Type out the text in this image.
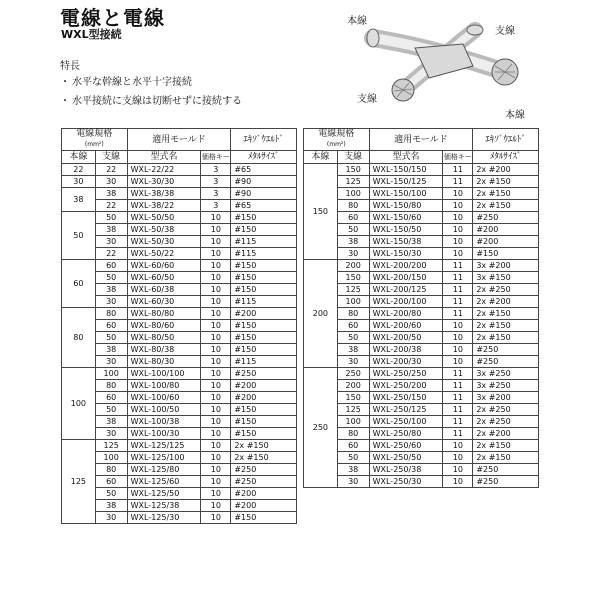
電線と電線
WXL型接続
特長
・ 水平な幹線と水平十字接続
・ 水平接続に支線は切断せずに接続する
本線
支線
支線
本線
電線規格
(mm²)		適用モールド		ｴｷｿﾞｳｴﾙﾄﾞ
本線	支線	型式名	価格キー	ﾒﾀﾙｻｲｽﾞ
22	22	WXL-22/22	3	#65
30	30	WXL-30/30	3	#90
38	38	WXL-38/38	3	#90
	22	WXL-38/22	3	#65
50	50	WXL-50/50	10	#150
	38	WXL-50/38	10	#150
	30	WXL-50/30	10	#115
	22	WXL-50/22	10	#115
60	60	WXL-60/60	10	#150
	50	WXL-60/50	10	#150
	38	WXL-60/38	10	#150
	30	WXL-60/30	10	#115
80	80	WXL-80/80	10	#200
	60	WXL-80/60	10	#150
	50	WXL-80/50	10	#150
	38	WXL-80/38	10	#150
	30	WXL-80/30	10	#115
100	100	WXL-100/100	10	#250
	80	WXL-100/80	10	#200
	60	WXL-100/60	10	#200
	50	WXL-100/50	10	#150
	38	WXL-100/38	10	#150
	30	WXL-100/30	10	#150
125	125	WXL-125/125	10	2x #150
	100	WXL-125/100	10	2x #150
	80	WXL-125/80	10	#250
	60	WXL-125/60	10	#250
	50	WXL-125/50	10	#200
	38	WXL-125/38	10	#200
	30	WXL-125/30	10	#150
電線規格
(mm²)		適用モールド		ｴｷｿﾞｳｴﾙﾄﾞ
本線	支線	型式名	価格キー	ﾒﾀﾙｻｲｽﾞ
150	150	WXL-150/150	11	2x #200
	125	WXL-150/125	11	2x #150
	100	WXL-150/100	10	2x #150
	80	WXL-150/80	10	2x #150
	60	WXL-150/60	10	#250
	50	WXL-150/50	10	#200
	38	WXL-150/38	10	#200
	30	WXL-150/30	10	#150
200	200	WXL-200/200	11	3x #200
	150	WXL-200/150	11	3x #150
	125	WXL-200/125	11	2x #250
	100	WXL-200/100	11	2x #200
	80	WXL-200/80	11	2x #150
	60	WXL-200/60	10	2x #150
	50	WXL-200/50	10	2x #150
	38	WXL-200/38	10	#250
	30	WXL-200/30	10	#250
250	250	WXL-250/250	11	3x #250
	200	WXL-250/200	11	3x #250
	150	WXL-250/150	11	3x #200
	125	WXL-250/125	11	2x #250
	100	WXL-250/100	11	2x #250
	80	WXL-250/80	11	2x #200
	60	WXL-250/60	10	2x #150
	50	WXL-250/50	10	2x #150
	38	WXL-250/38	10	#250
	30	WXL-250/30	10	#250
